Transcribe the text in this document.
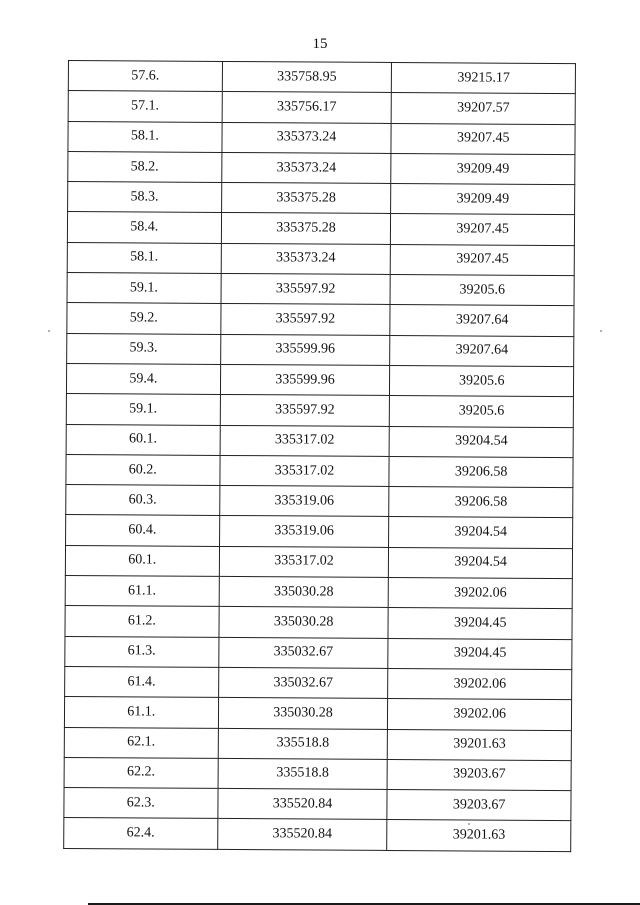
15
57.6.	335758.95	39215.17
57.1.	335756.17	39207.57
58.1.	335373.24	39207.45
58.2.	335373.24	39209.49
58.3.	335375.28	39209.49
58.4.	335375.28	39207.45
58.1.	335373.24	39207.45
59.1.	335597.92	39205.6
59.2.	335597.92	39207.64
59.3.	335599.96	39207.64
59.4.	335599.96	39205.6
59.1.	335597.92	39205.6
60.1.	335317.02	39204.54
60.2.	335317.02	39206.58
60.3.	335319.06	39206.58
60.4.	335319.06	39204.54
60.1.	335317.02	39204.54
61.1.	335030.28	39202.06
61.2.	335030.28	39204.45
61.3.	335032.67	39204.45
61.4.	335032.67	39202.06
61.1.	335030.28	39202.06
62.1.	335518.8	39201.63
62.2.	335518.8	39203.67
62.3.	335520.84	39203.67
62.4.	335520.84	39201.63
